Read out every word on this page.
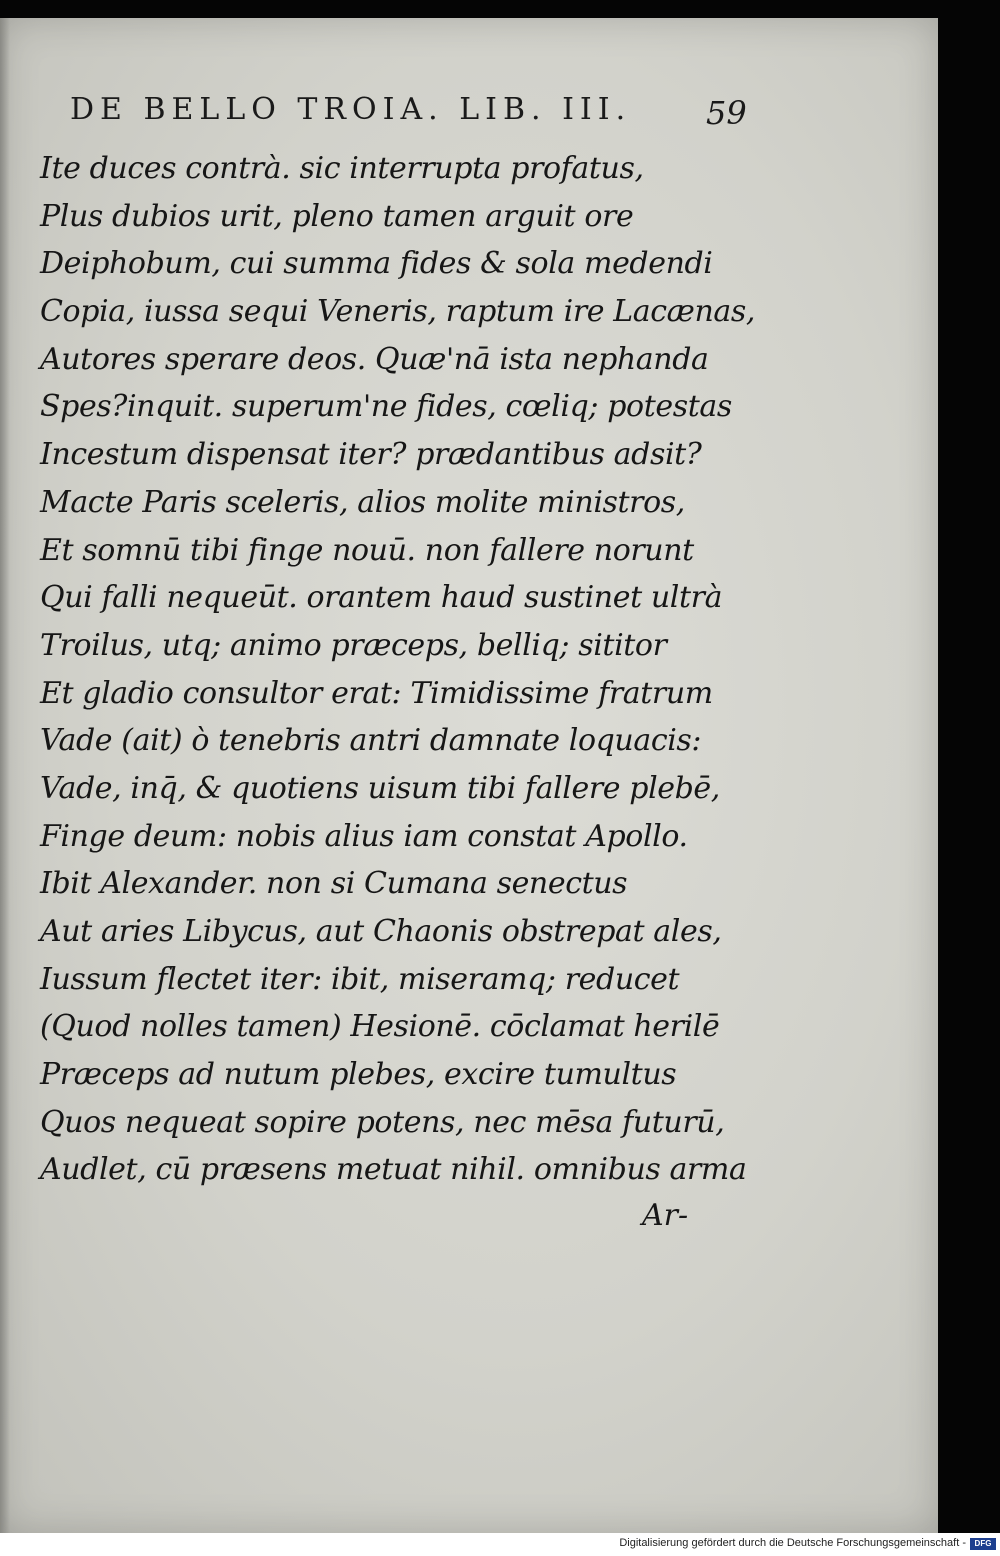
DE BELLO TROIA. LIB. III. 59
Ite duces contrà. sic interrupta profatus,
Plus dubios urit, pleno tamen arguit ore
Deiphobum, cui summa fides & sola medendi
Copia, iussa sequi Veneris, raptum ire Lacænas,
Autores sperare deos. Quæ'nā ista nephanda
Spes?inquit. superum'ne fides, cœliq; potestas
Incestum dispensat iter? prædantibus adsit?
Macte Paris sceleris, alios molite ministros,
Et somnū tibi finge nouū. non fallere norunt
Qui falli nequeūt. orantem haud sustinet ultrà
Troilus, utq; animo præceps, belliq; sititor
Et gladio consultor erat: Timidissime fratrum
Vade (ait) ò tenebris antri damnate loquacis:
Vade, inq̄, & quotiens uisum tibi fallere plebē,
Finge deum: nobis alius iam constat Apollo.
Ibit Alexander. non si Cumana senectus
Aut aries Libycus, aut Chaonis obstrepat ales,
Iussum flectet iter: ibit, miseramq; reducet
(Quod nolles tamen) Hesionē. cōclamat herilē
Præceps ad nutum plebes, excire tumultus
Quos nequeat sopire potens, nec mēsa futurū,
Audlet, cū præsens metuat nihil. omnibus arma
Ar-
Digitalisierung gefördert durch die Deutsche Forschungsgemeinschaft -	DFG
